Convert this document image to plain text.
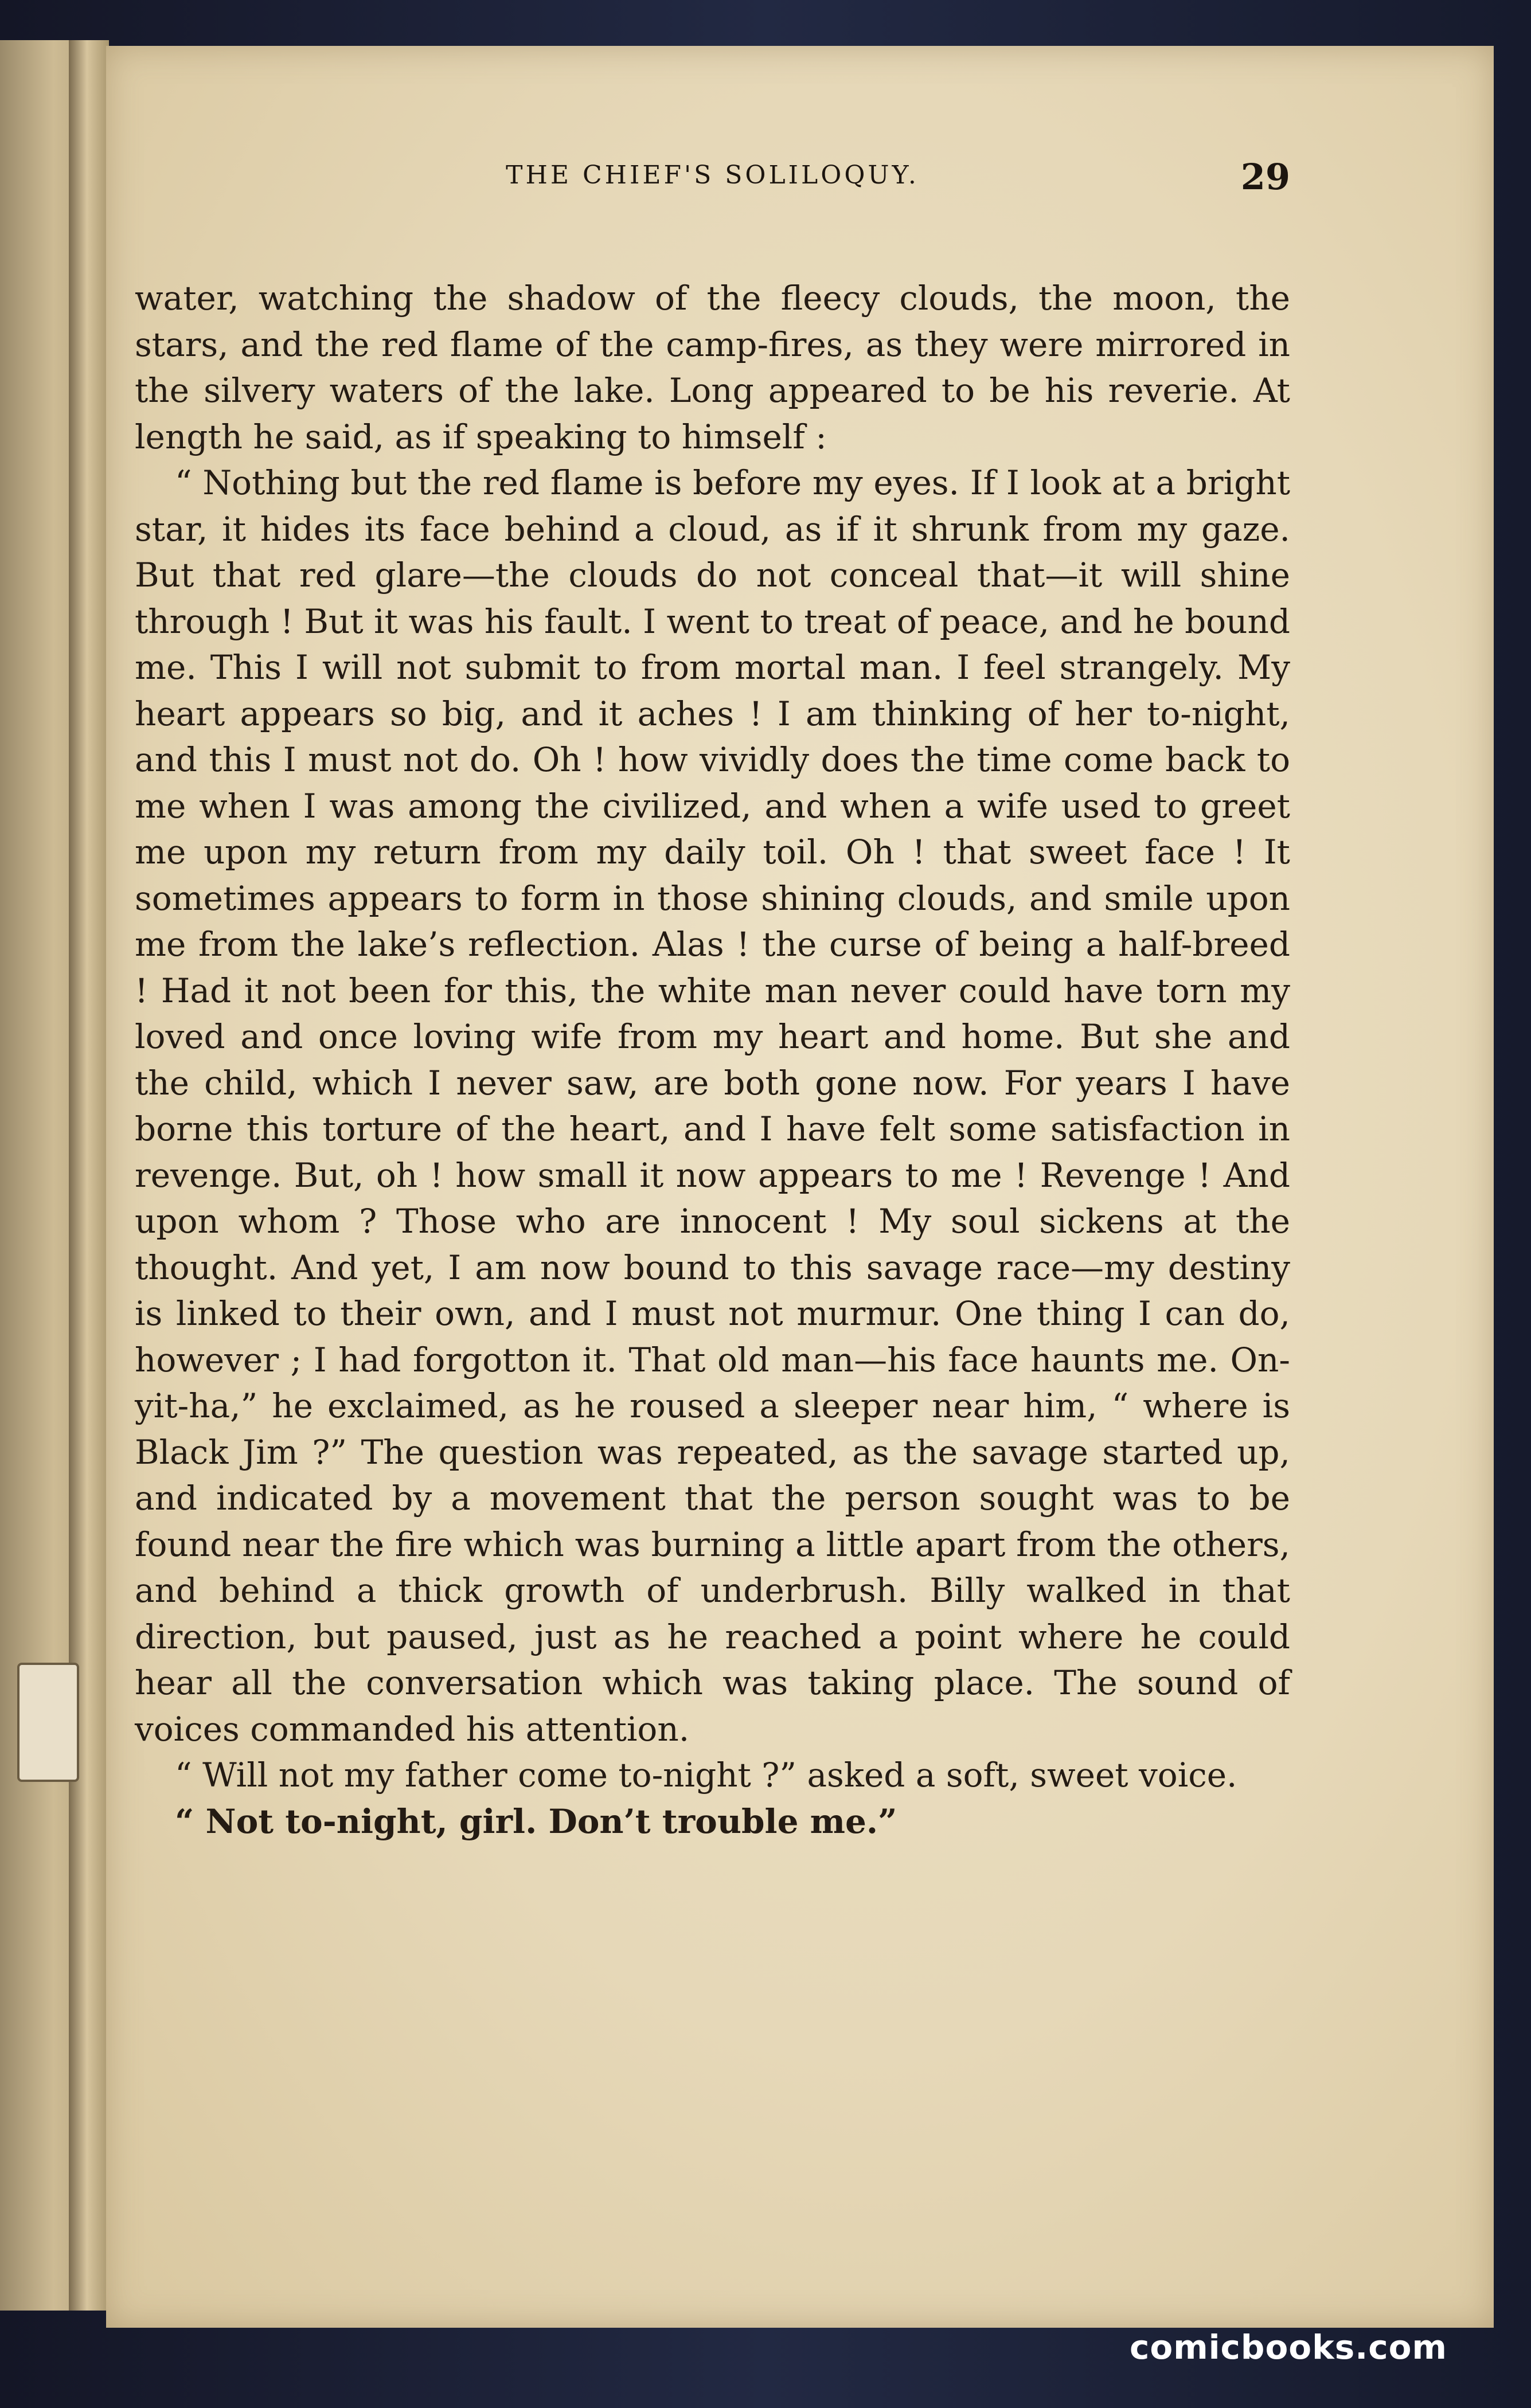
THE CHIEF'S SOLILOQUY.	29

water, watching the shadow of the fleecy clouds, the moon, the stars, and the red flame of the camp-fires, as they were mirrored in the silvery waters of the lake. Long appeared to be his reverie. At length he said, as if speaking to himself :

“ Nothing but the red flame is before my eyes. If I look at a bright star, it hides its face behind a cloud, as if it shrunk from my gaze. But that red glare—the clouds do not conceal that—it will shine through ! But it was his fault. I went to treat of peace, and he bound me. This I will not submit to from mortal man. I feel strangely. My heart appears so big, and it aches ! I am thinking of her to-night, and this I must not do. Oh ! how vividly does the time come back to me when I was among the civilized, and when a wife used to greet me upon my return from my daily toil. Oh ! that sweet face ! It sometimes appears to form in those shining clouds, and smile upon me from the lake’s reflection. Alas ! the curse of being a half-breed ! Had it not been for this, the white man never could have torn my loved and once loving wife from my heart and home. But she and the child, which I never saw, are both gone now. For years I have borne this torture of the heart, and I have felt some satisfaction in revenge. But, oh ! how small it now appears to me ! Revenge ! And upon whom ? Those who are innocent ! My soul sickens at the thought. And yet, I am now bound to this savage race—my destiny is linked to their own, and I must not murmur. One thing I can do, however ; I had forgotton it. That old man—his face haunts me. On-yit-ha,” he exclaimed, as he roused a sleeper near him, “ where is Black Jim ?” The question was repeated, as the savage started up, and indicated by a movement that the person sought was to be found near the fire which was burning a little apart from the others, and behind a thick growth of underbrush. Billy walked in that direction, but paused, just as he reached a point where he could hear all the conversation which was taking place. The sound of voices commanded his attention.

“ Will not my father come to-night ?” asked a soft, sweet voice.

“ Not to-night, girl. Don’t trouble me.”

comicbooks.com
